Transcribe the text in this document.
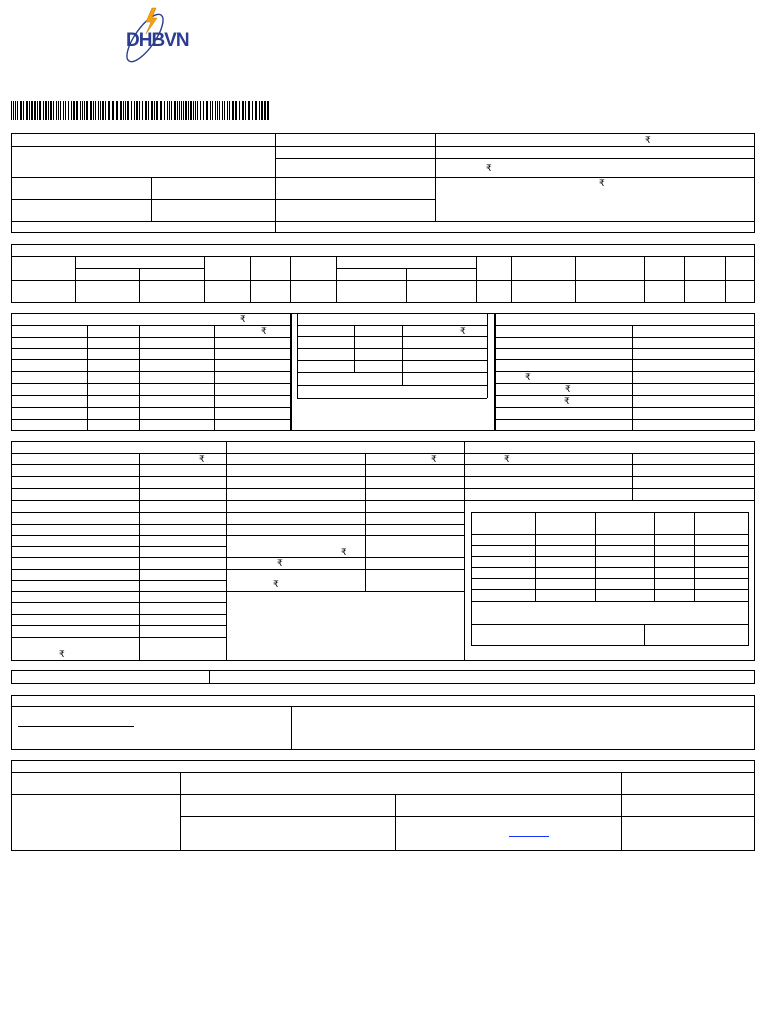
DHBVN
₹
₹
₹
₹
₹	₹
₹
₹
₹
₹
₹
₹
₹
₹
₹
₹
